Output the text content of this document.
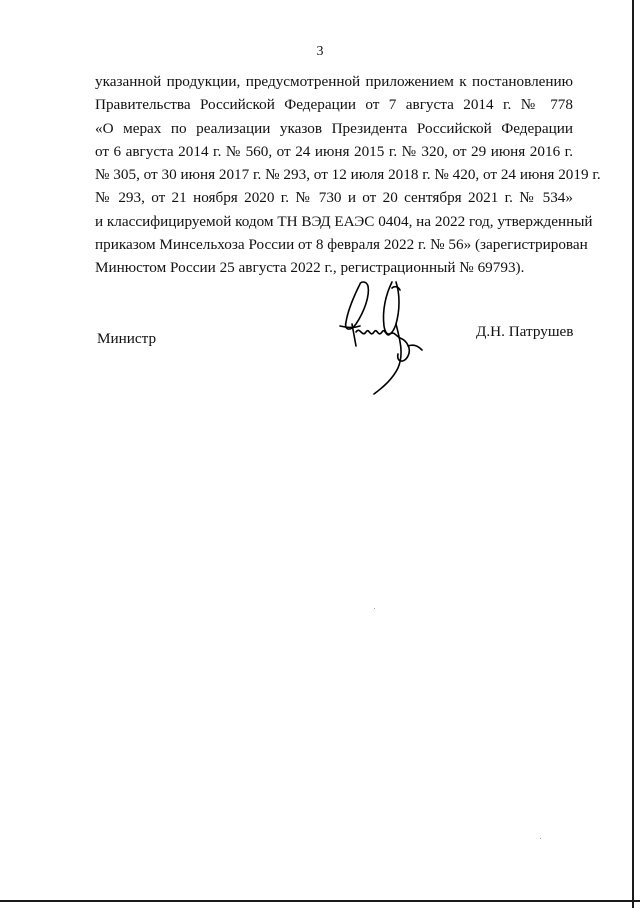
3
указанной продукции, предусмотренной приложением к постановлению
Правительства Российской Федерации от 7 августа 2014 г. № 778
«О мерах по реализации указов Президента Российской Федерации
от 6 августа 2014 г. № 560, от 24 июня 2015 г. № 320, от 29 июня 2016 г.
№ 305, от 30 июня 2017 г. № 293, от 12 июля 2018 г. № 420, от 24 июня 2019 г.
№ 293, от 21 ноября 2020 г. № 730 и от 20 сентября 2021 г. № 534»
и классифицируемой кодом ТН ВЭД ЕАЭС 0404, на 2022 год, утвержденный
приказом Минсельхоза России от 8 февраля 2022 г. № 56» (зарегистрирован
Минюстом России 25 августа 2022 г., регистрационный № 69793).
Министр	Д.Н. Патрушев
